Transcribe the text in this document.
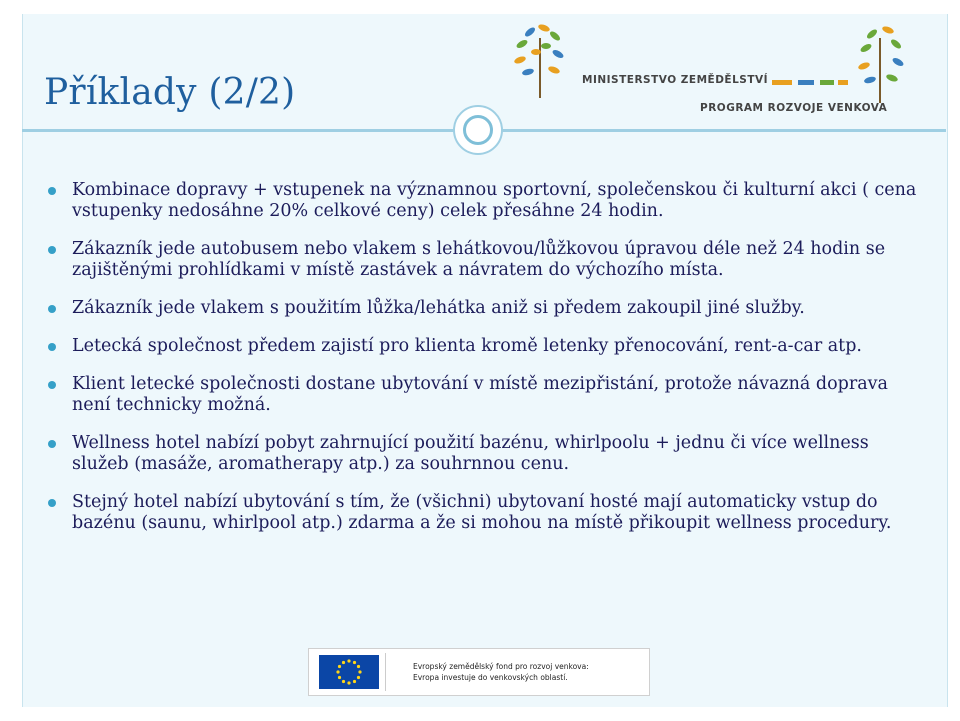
Příklady (2/2)	MINISTERSTVO ZEMĚDĚLSTVÍ
PROGRAM ROZVOJE VENKOVA
Kombinace dopravy + vstupenek na významnou sportovní, společenskou či kulturní akci ( cena vstupenky nedosáhne 20% celkové ceny) celek přesáhne 24 hodin.
Zákazník jede autobusem nebo vlakem s lehátkovou/lůžkovou úpravou déle než 24 hodin se zajištěnými prohlídkami v místě zastávek a návratem do výchozího místa.
Zákazník jede vlakem s použitím lůžka/lehátka aniž si předem zakoupil jiné služby.
Letecká společnost předem zajistí pro klienta kromě letenky přenocování, rent-a-car atp.
Klient letecké společnosti dostane ubytování v místě mezipřistání, protože návazná doprava není technicky možná.
Wellness hotel nabízí pobyt zahrnující použití bazénu, whirlpoolu + jednu či více wellness služeb (masáže, aromatherapy atp.) za souhrnnou cenu.
Stejný hotel nabízí ubytování s tím, že (všichni) ubytovaní hosté mají automaticky vstup do bazénu (saunu, whirlpool atp.) zdarma a že si mohou na místě přikoupit wellness procedury.
Evropský zemědělský fond pro rozvoj venkova:
Evropa investuje do venkovských oblastí.
